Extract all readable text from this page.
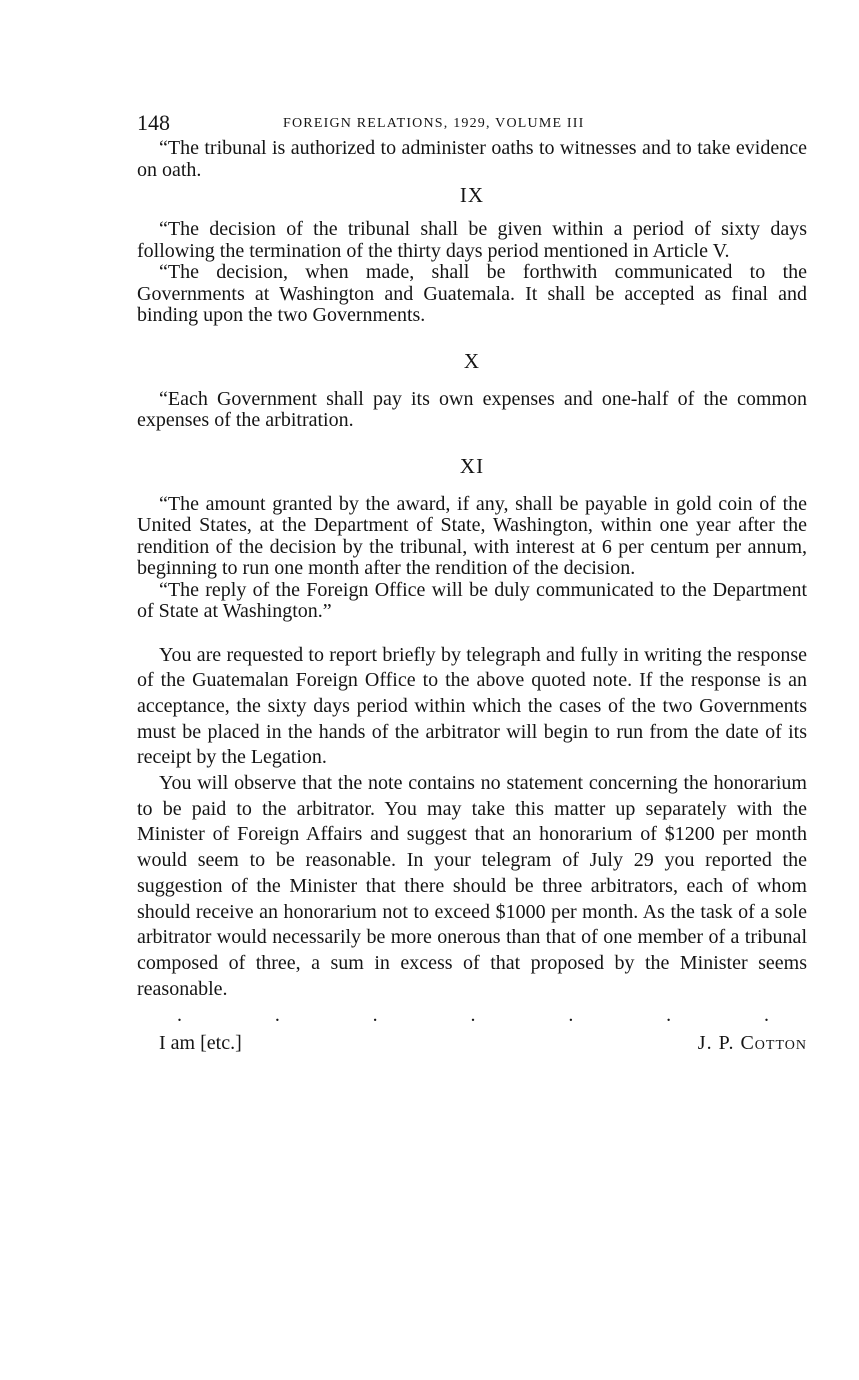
148	FOREIGN RELATIONS, 1929, VOLUME III

“The tribunal is authorized to administer oaths to witnesses and to take evidence on oath.

IX

“The decision of the tribunal shall be given within a period of sixty days following the termination of the thirty days period mentioned in Article V.

“The decision, when made, shall be forthwith communicated to the Governments at Washington and Guatemala. It shall be accepted as final and binding upon the two Governments.

X

“Each Government shall pay its own expenses and one-half of the common expenses of the arbitration.

XI

“The amount granted by the award, if any, shall be payable in gold coin of the United States, at the Department of State, Washington, within one year after the rendition of the decision by the tribunal, with interest at 6 per centum per annum, beginning to run one month after the rendition of the decision.

“The reply of the Foreign Office will be duly communicated to the Department of State at Washington.”

You are requested to report briefly by telegraph and fully in writing the response of the Guatemalan Foreign Office to the above quoted note. If the response is an acceptance, the sixty days period within which the cases of the two Governments must be placed in the hands of the arbitrator will begin to run from the date of its receipt by the Legation.

You will observe that the note contains no statement concerning the honorarium to be paid to the arbitrator. You may take this matter up separately with the Minister of Foreign Affairs and suggest that an honorarium of $1200 per month would seem to be reasonable. In your telegram of July 29 you reported the suggestion of the Minister that there should be three arbitrators, each of whom should receive an honorarium not to exceed $1000 per month. As the task of a sole arbitrator would necessarily be more onerous than that of one member of a tribunal composed of three, a sum in excess of that proposed by the Minister seems reasonable.

.	.	.	.	.	.	.
I am [etc.]	J. P. Cotton
